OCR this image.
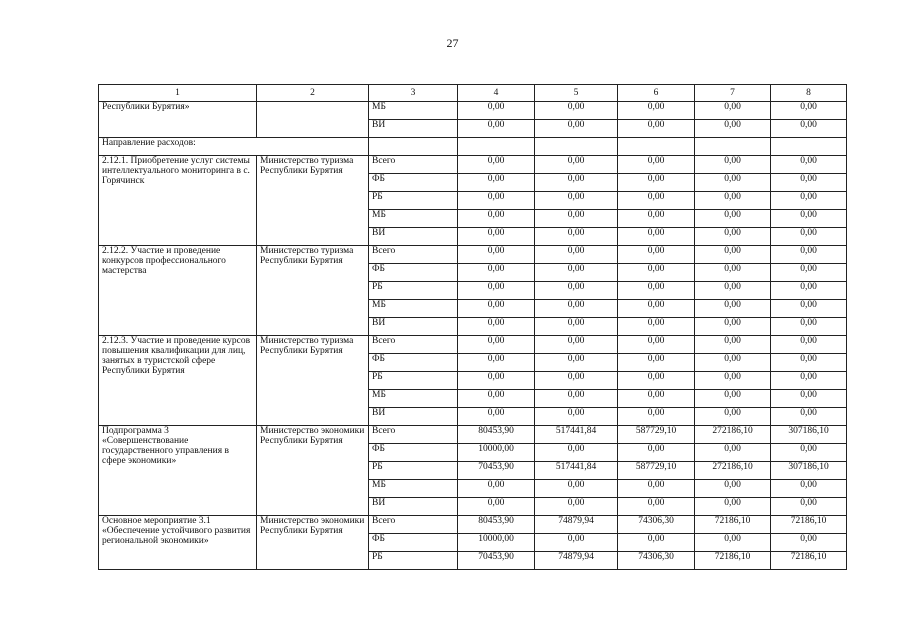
27
1	2	3	4	5	6	7	8
Республики Бурятия»		МБ	0,00	0,00	0,00	0,00	0,00
		ВИ	0,00	0,00	0,00	0,00	0,00
Направление расходов:							
2.12.1. Приобретение услуг системы интеллектуального мониторинга в с. Горячинск	Министерство туризма Республики Бурятия	Всего	0,00	0,00	0,00	0,00	0,00
		ФБ	0,00	0,00	0,00	0,00	0,00
		РБ	0,00	0,00	0,00	0,00	0,00
		МБ	0,00	0,00	0,00	0,00	0,00
		ВИ	0,00	0,00	0,00	0,00	0,00
2.12.2. Участие и проведение конкурсов профессионального мастерства	Министерство туризма Республики Бурятия	Всего	0,00	0,00	0,00	0,00	0,00
		ФБ	0,00	0,00	0,00	0,00	0,00
		РБ	0,00	0,00	0,00	0,00	0,00
		МБ	0,00	0,00	0,00	0,00	0,00
		ВИ	0,00	0,00	0,00	0,00	0,00
2.12.3. Участие и проведение курсов повышения квалификации для лиц, занятых в туристской сфере Республики Бурятия	Министерство туризма Республики Бурятия	Всего	0,00	0,00	0,00	0,00	0,00
		ФБ	0,00	0,00	0,00	0,00	0,00
		РБ	0,00	0,00	0,00	0,00	0,00
		МБ	0,00	0,00	0,00	0,00	0,00
		ВИ	0,00	0,00	0,00	0,00	0,00
Подпрограмма 3 «Совершенствование государственного управления в сфере экономики»	Министерство экономики Республики Бурятия	Всего	80453,90	517441,84	587729,10	272186,10	307186,10
		ФБ	10000,00	0,00	0,00	0,00	0,00
		РБ	70453,90	517441,84	587729,10	272186,10	307186,10
		МБ	0,00	0,00	0,00	0,00	0,00
		ВИ	0,00	0,00	0,00	0,00	0,00
Основное мероприятие 3.1 «Обеспечение устойчивого развития региональной экономики»	Министерство экономики Республики Бурятия	Всего	80453,90	74879,94	74306,30	72186,10	72186,10
		ФБ	10000,00	0,00	0,00	0,00	0,00
		РБ	70453,90	74879,94	74306,30	72186,10	72186,10
